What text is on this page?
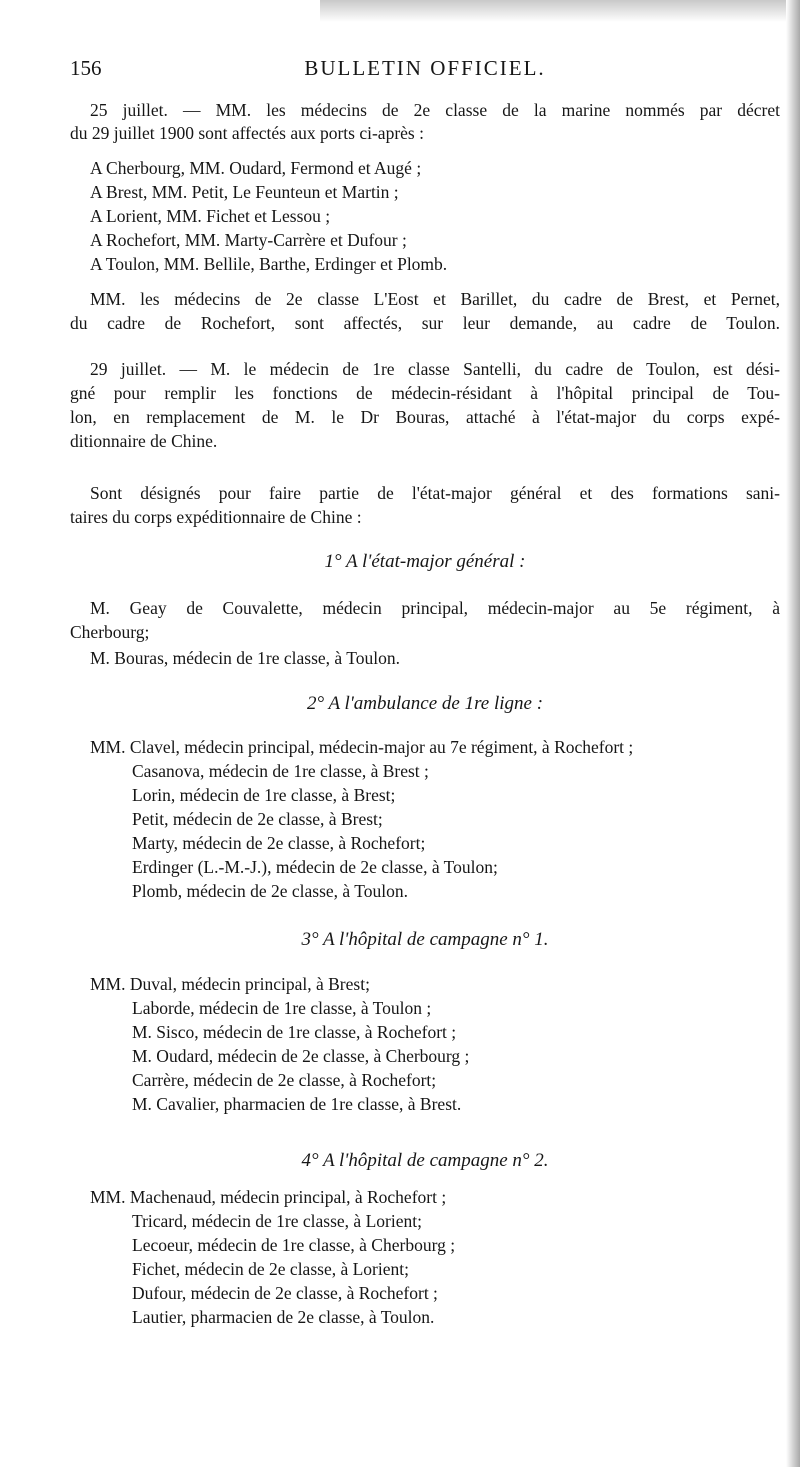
156	BULLETIN OFFICIEL.
25 juillet. — MM. les médecins de 2e classe de la marine nommés par décret
du 29 juillet 1900 sont affectés aux ports ci-après :
A Cherbourg, MM. Oudard, Fermond et Augé ;
A Brest, MM. Petit, Le Feunteun et Martin ;
A Lorient, MM. Fichet et Lessou ;
A Rochefort, MM. Marty-Carrère et Dufour ;
A Toulon, MM. Bellile, Barthe, Erdinger et Plomb.
MM. les médecins de 2e classe L'Eost et Barillet, du cadre de Brest, et Pernet,
du cadre de Rochefort, sont affectés, sur leur demande, au cadre de Toulon.
29 juillet. — M. le médecin de 1re classe Santelli, du cadre de Toulon, est dési-
gné pour remplir les fonctions de médecin-résidant à l'hôpital principal de Tou-
lon, en remplacement de M. le Dr Bouras, attaché à l'état-major du corps expé-
ditionnaire de Chine.
Sont désignés pour faire partie de l'état-major général et des formations sani-
taires du corps expéditionnaire de Chine :
1° A l'état-major général :
M. Geay de Couvalette, médecin principal, médecin-major au 5e régiment, à
Cherbourg;
M. Bouras, médecin de 1re classe, à Toulon.
2° A l'ambulance de 1re ligne :
MM. Clavel, médecin principal, médecin-major au 7e régiment, à Rochefort ;
Casanova, médecin de 1re classe, à Brest ;
Lorin, médecin de 1re classe, à Brest;
Petit, médecin de 2e classe, à Brest;
Marty, médecin de 2e classe, à Rochefort;
Erdinger (L.-M.-J.), médecin de 2e classe, à Toulon;
Plomb, médecin de 2e classe, à Toulon.
3° A l'hôpital de campagne n° 1.
MM. Duval, médecin principal, à Brest;
Laborde, médecin de 1re classe, à Toulon ;
M. Sisco, médecin de 1re classe, à Rochefort ;
M. Oudard, médecin de 2e classe, à Cherbourg ;
Carrère, médecin de 2e classe, à Rochefort;
M. Cavalier, pharmacien de 1re classe, à Brest.
4° A l'hôpital de campagne n° 2.
MM. Machenaud, médecin principal, à Rochefort ;
Tricard, médecin de 1re classe, à Lorient;
Lecoeur, médecin de 1re classe, à Cherbourg ;
Fichet, médecin de 2e classe, à Lorient;
Dufour, médecin de 2e classe, à Rochefort ;
Lautier, pharmacien de 2e classe, à Toulon.
